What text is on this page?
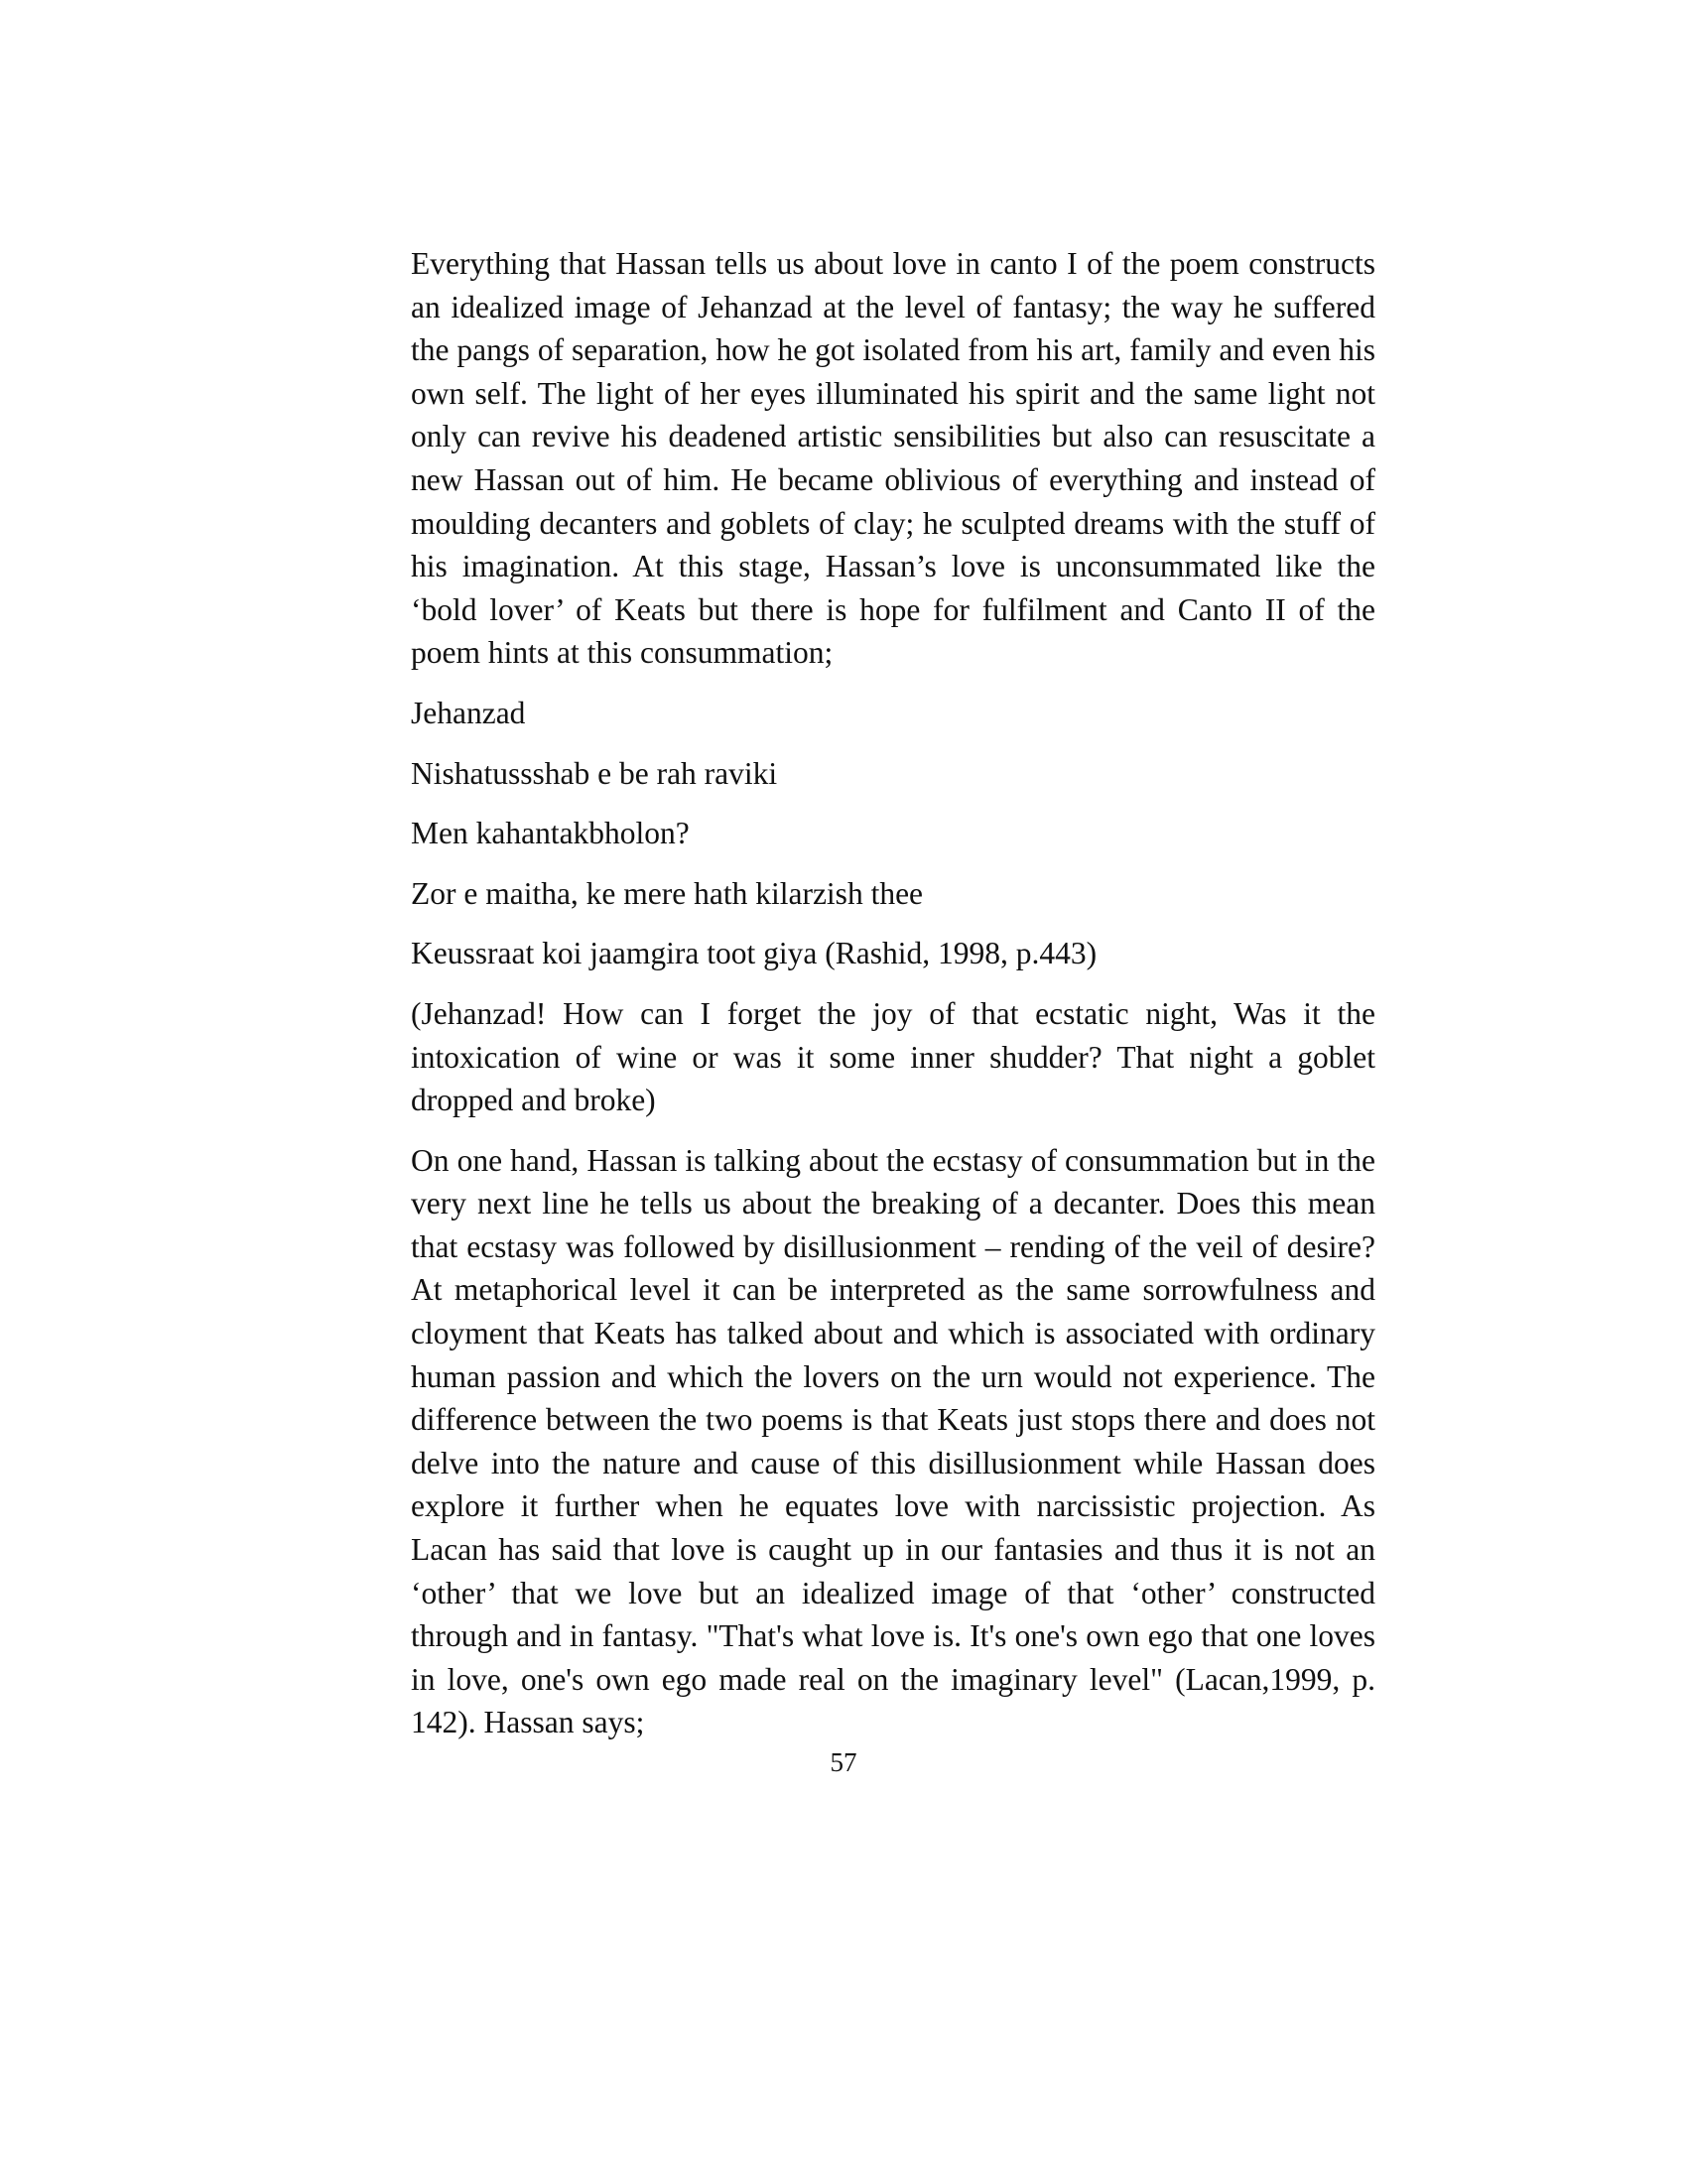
Everything that Hassan tells us about love in canto I of the poem constructs an idealized image of Jehanzad at the level of fantasy; the way he suffered the pangs of separation, how he got isolated from his art, family and even his own self. The light of her eyes illuminated his spirit and the same light not only can revive his deadened artistic sensibilities but also can resuscitate a new Hassan out of him. He became oblivious of everything and instead of moulding decanters and goblets of clay; he sculpted dreams with the stuff of his imagination. At this stage, Hassan’s love is unconsummated like the ‘bold lover’ of Keats but there is hope for fulfilment and Canto II of the poem hints at this consummation;

Jehanzad

Nishatussshab e be rah raviki

Men kahantakbholon?

Zor e maitha, ke mere hath kilarzish thee

Keussraat koi jaamgira toot giya (Rashid, 1998, p.443)

(Jehanzad! How can I forget the joy of that ecstatic night, Was it the intoxication of wine or was it some inner shudder? That night a goblet dropped and broke)

On one hand, Hassan is talking about the ecstasy of consummation but in the very next line he tells us about the breaking of a decanter. Does this mean that ecstasy was followed by disillusionment – rending of the veil of desire? At metaphorical level it can be interpreted as the same sorrowfulness and cloyment that Keats has talked about and which is associated with ordinary human passion and which the lovers on the urn would not experience. The difference between the two poems is that Keats just stops there and does not delve into the nature and cause of this disillusionment while Hassan does explore it further when he equates love with narcissistic projection. As Lacan has said that love is caught up in our fantasies and thus it is not an ‘other’ that we love but an idealized image of that ‘other’ constructed through and in fantasy. "That's what love is. It's one's own ego that one loves in love, one's own ego made real on the imaginary level" (Lacan,1999, p. 142). Hassan says;

57
